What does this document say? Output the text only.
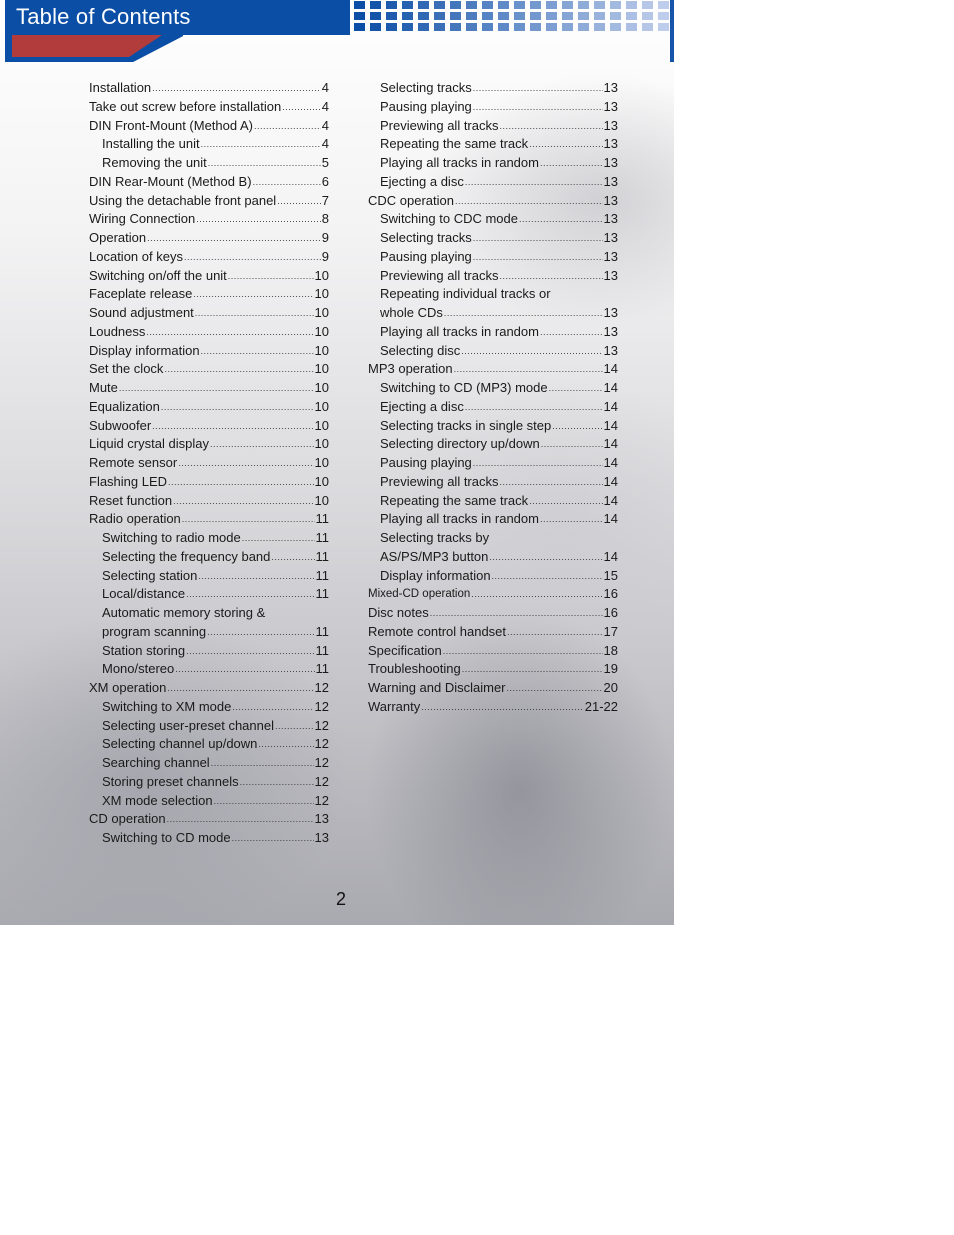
Table of Contents
Installation .....	4
Take out screw before installation .....	4
DIN Front-Mount (Method A) .....	4
Installing the unit .....	4
Removing the unit .....	5
DIN Rear-Mount (Method B) .....	6
Using the detachable front panel .....	7
Wiring Connection .....	8
Operation .....	9
Location of keys .....	9
Switching on/off the unit .....	10
Faceplate release .....	10
Sound adjustment .....	10
Loudness .....	10
Display information .....	10
Set the clock .....	10
Mute .....	10
Equalization .....	10
Subwoofer .....	10
Liquid crystal display .....	10
Remote sensor .....	10
Flashing LED .....	10
Reset function .....	10
Radio operation .....	11
Switching to radio mode .....	11
Selecting the frequency band .....	11
Selecting station .....	11
Local/distance .....	11
Automatic memory storing &
program scanning .....	11
Station storing .....	11
Mono/stereo .....	11
XM operation .....	12
Switching to XM mode .....	12
Selecting user-preset channel .....	12
Selecting channel up/down .....	12
Searching channel .....	12
Storing preset channels .....	12
XM mode selection .....	12
CD operation .....	13
Switching to CD mode .....	13
Selecting tracks .....	13
Pausing playing .....	13
Previewing all tracks .....	13
Repeating the same track .....	13
Playing all tracks in random .....	13
Ejecting a disc .....	13
CDC operation .....	13
Switching to CDC mode .....	13
Selecting tracks .....	13
Pausing playing .....	13
Previewing all tracks .....	13
Repeating individual tracks or
whole CDs .....	13
Playing all tracks in random .....	13
Selecting disc .....	13
MP3 operation .....	14
Switching to CD (MP3) mode .....	14
Ejecting a disc .....	14
Selecting tracks in single step .....	14
Selecting directory up/down .....	14
Pausing playing .....	14
Previewing all tracks .....	14
Repeating the same track .....	14
Playing all tracks in random .....	14
Selecting tracks by
AS/PS/MP3 button .....	14
Display information .....	15
Mixed-CD operation .....	16
Disc notes .....	16
Remote control handset .....	17
Specification .....	18
Troubleshooting .....	19
Warning and Disclaimer .....	20
Warranty .....	21-22
2
